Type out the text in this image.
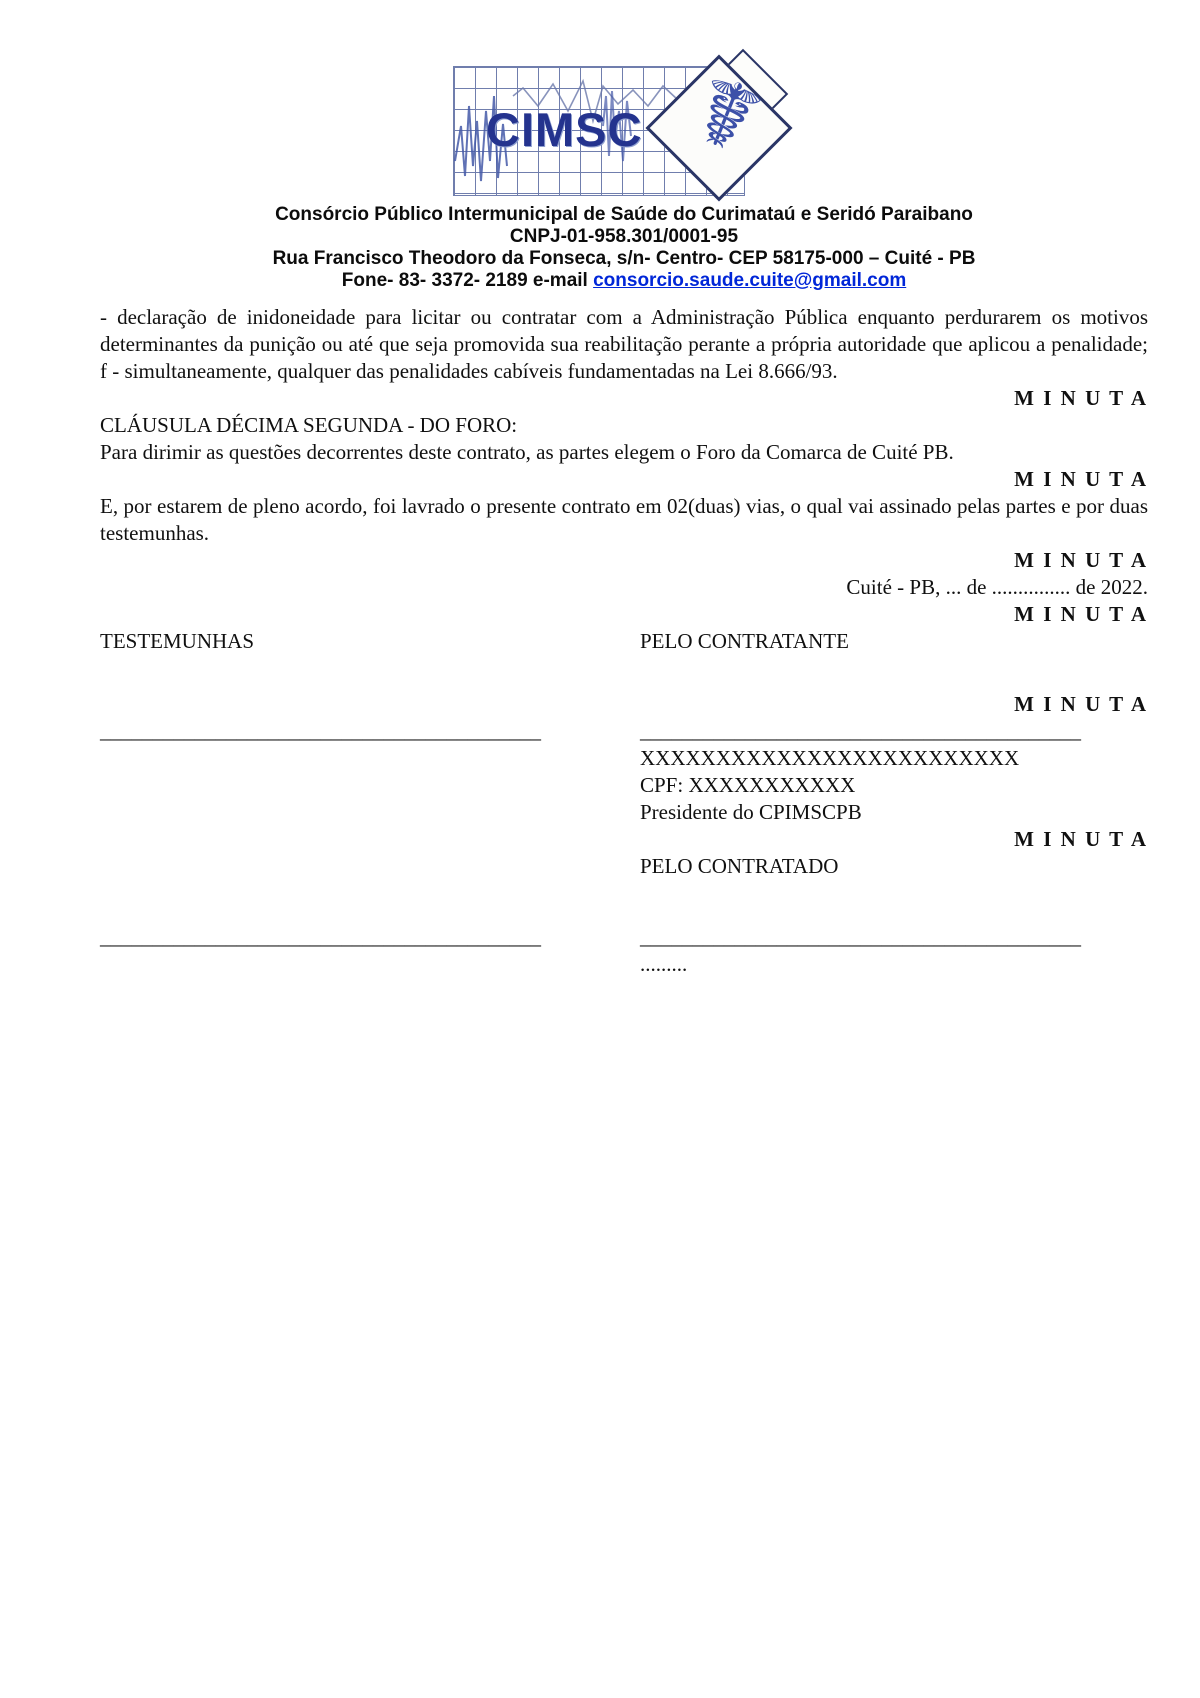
☤
CIMSC
Consórcio Público Intermunicipal de Saúde do Curimataú e Seridó Paraibano
CNPJ-01-958.301/0001-95
Rua Francisco Theodoro da Fonseca, s/n- Centro- CEP 58175-000 – Cuité - PB
Fone- 83- 3372- 2189 e-mail consorcio.saude.cuite@gmail.com
- declaração de inidoneidade para licitar ou contratar com a Administração Pública enquanto perdurarem os motivos determinantes da punição ou até que seja promovida sua reabilitação perante a própria autoridade que aplicou a penalidade; f - simultaneamente, qualquer das penalidades cabíveis fundamentadas na Lei 8.666/93.
M I N U T A
CLÁUSULA DÉCIMA SEGUNDA - DO FORO:
Para dirimir as questões decorrentes deste contrato, as partes elegem o Foro da Comarca de Cuité PB.
M I N U T A
E, por estarem de pleno acordo, foi lavrado o presente contrato em 02(duas) vias, o qual vai assinado pelas partes e por duas testemunhas.
M I N U T A
Cuité - PB, ... de ............... de 2022.
M I N U T A
TESTEMUNHAS	PELO CONTRATANTE
M I N U T A
__________________________________________	__________________________________________
XXXXXXXXXXXXXXXXXXXXXXXXX
CPF: XXXXXXXXXXX
Presidente do CPIMSCPB
M I N U T A
PELO CONTRATADO
__________________________________________	__________________________________________
.........
